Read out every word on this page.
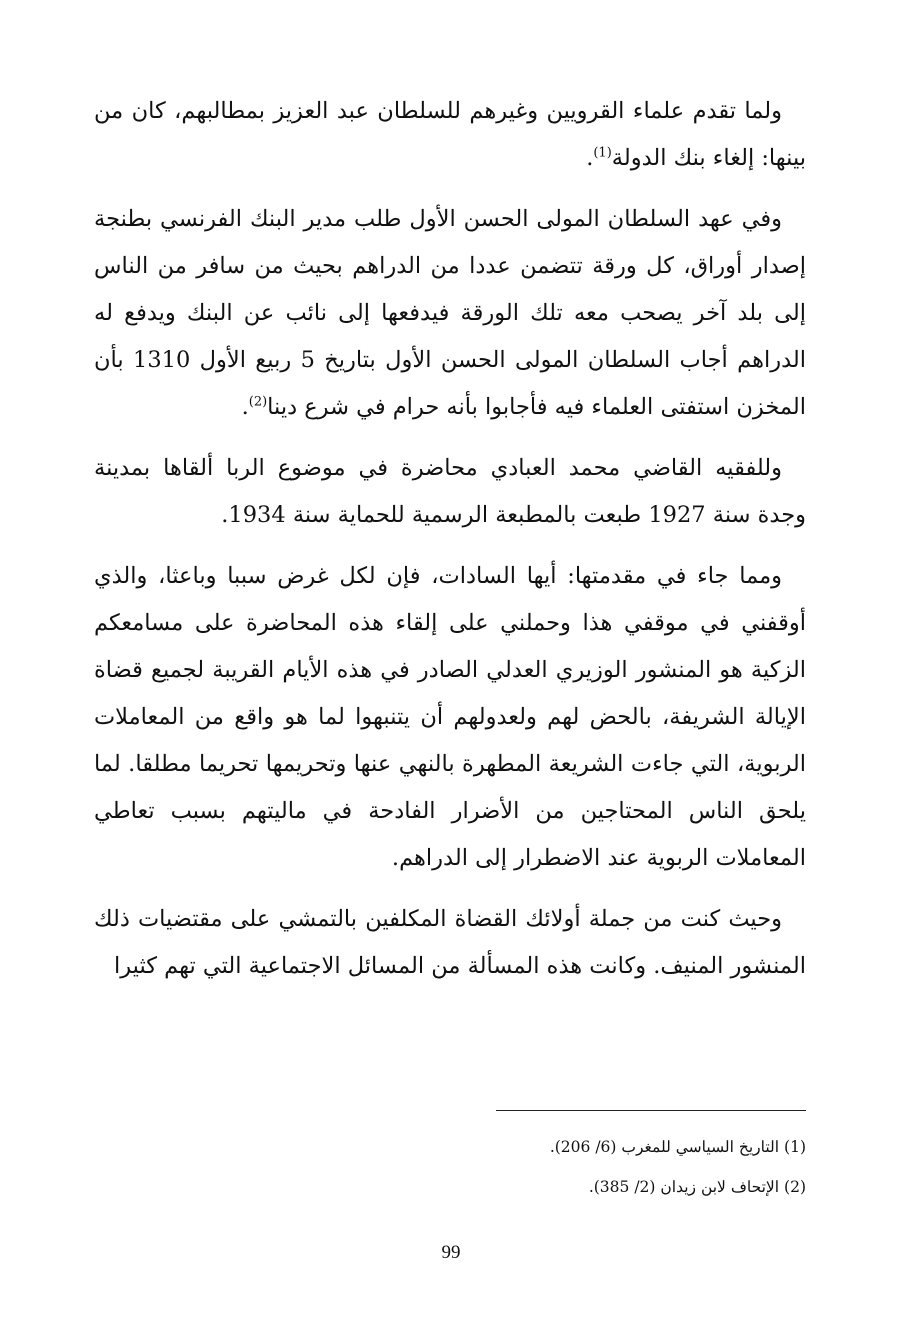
ولما تقدم علماء القرويين وغيرهم للسلطان عبد العزيز بمطالبهم، كان من بينها: إلغاء بنك الدولة$^{(1)}$.

وفي عهد السلطان المولى الحسن الأول طلب مدير البنك الفرنسي بطنجة إصدار أوراق، كل ورقة تتضمن عددا من الدراهم بحيث من سافر من الناس إلى بلد آخر يصحب معه تلك الورقة فيدفعها إلى نائب عن البنك ويدفع له الدراهم أجاب السلطان المولى الحسن الأول بتاريخ 5 ربيع الأول 1310 بأن المخزن استفتى العلماء فيه فأجابوا بأنه حرام في شرع دينا$^{(2)}$.

وللفقيه القاضي محمد العبادي محاضرة في موضوع الربا ألقاها بمدينة وجدة سنة 1927 طبعت بالمطبعة الرسمية للحماية سنة 1934.

ومما جاء في مقدمتها: أيها السادات، فإن لكل غرض سببا وباعثا، والذي أوقفني في موقفي هذا وحملني على إلقاء هذه المحاضرة على مسامعكم الزكية هو المنشور الوزيري العدلي الصادر في هذه الأيام القريبة لجميع قضاة الإيالة الشريفة، بالحض لهم ولعدولهم أن يتنبهوا لما هو واقع من المعاملات الربوية، التي جاءت الشريعة المطهرة بالنهي عنها وتحريمها تحريما مطلقا. لما يلحق الناس المحتاجين من الأضرار الفادحة في ماليتهم بسبب تعاطي المعاملات الربوية عند الاضطرار إلى الدراهم.

وحيث كنت من جملة أولائك القضاة المكلفين بالتمشي على مقتضيات ذلك المنشور المنيف. وكانت هذه المسألة من المسائل الاجتماعية التي تهم كثيرا

(1) التاريخ السياسي للمغرب (6/ 206).

(2) الإتحاف لابن زيدان (2/ 385).

99
